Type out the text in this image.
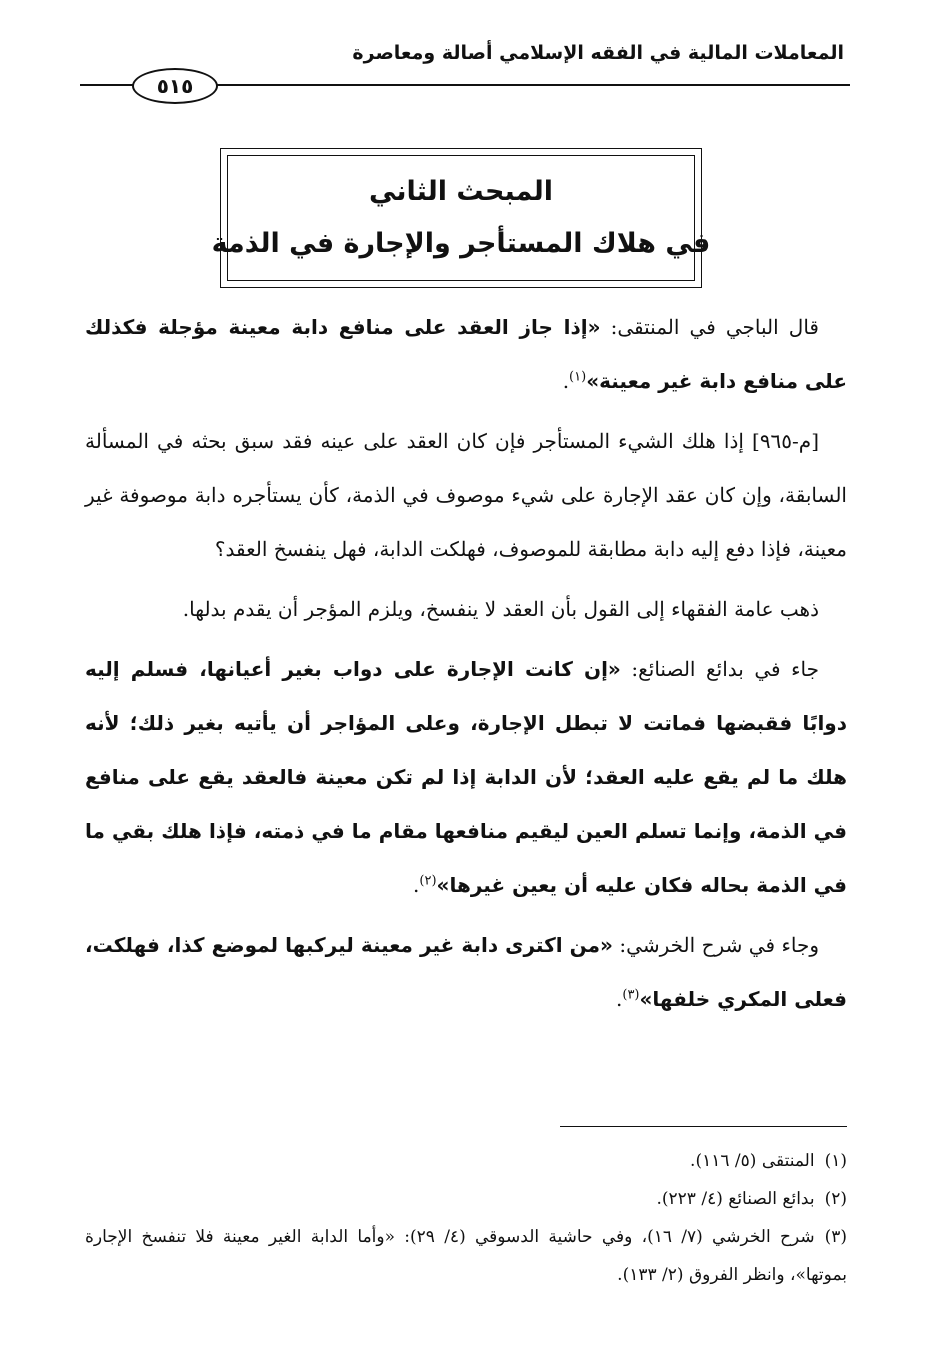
المعاملات المالية في الفقه الإسلامي أصالة ومعاصرة
٥١٥
المبحث الثاني
في هلاك المستأجر والإجارة في الذمة

قال الباجي في المنتقى: «إذا جاز العقد على منافع دابة معينة مؤجلة فكذلك على منافع دابة غير معينة»$^{(١)}$.

[م-٩٦٥] إذا هلك الشيء المستأجر فإن كان العقد على عينه فقد سبق بحثه في المسألة السابقة، وإن كان عقد الإجارة على شيء موصوف في الذمة، كأن يستأجره دابة موصوفة غير معينة، فإذا دفع إليه دابة مطابقة للموصوف، فهلكت الدابة، فهل ينفسخ العقد؟

ذهب عامة الفقهاء إلى القول بأن العقد لا ينفسخ، ويلزم المؤجر أن يقدم بدلها.

جاء في بدائع الصنائع: «إن كانت الإجارة على دواب بغير أعيانها، فسلم إليه دوابًا فقبضها فماتت لا تبطل الإجارة، وعلى المؤاجر أن يأتيه بغير ذلك؛ لأنه هلك ما لم يقع عليه العقد؛ لأن الدابة إذا لم تكن معينة فالعقد يقع على منافع في الذمة، وإنما تسلم العين ليقيم منافعها مقام ما في ذمته، فإذا هلك بقي ما في الذمة بحاله فكان عليه أن يعين غيرها»$^{(٢)}$.

وجاء في شرح الخرشي: «من اكترى دابة غير معينة ليركبها لموضع كذا، فهلكت، فعلى المكري خلفها»$^{(٣)}$.

(١)المنتقى (٥/ ١١٦).

(٢)بدائع الصنائع (٤/ ٢٢٣).

(٣)شرح الخرشي (٧/ ١٦)، وفي حاشية الدسوقي (٤/ ٢٩): «وأما الدابة الغير معينة فلا تنفسخ الإجارة بموتها»، وانظر الفروق (٢/ ١٣٣).
